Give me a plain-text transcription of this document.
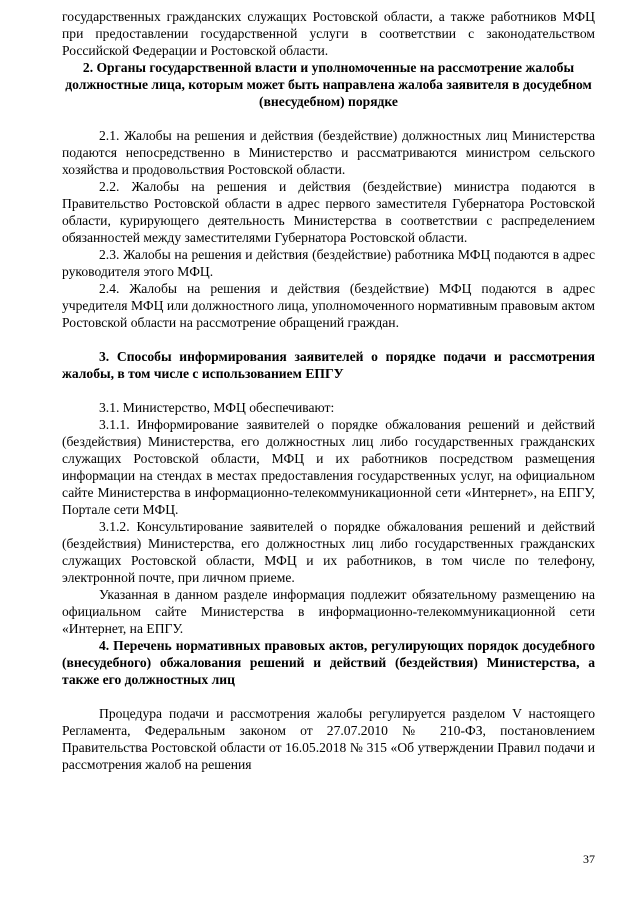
государственных гражданских служащих Ростовской области, а также работников МФЦ при предоставлении государственной услуги в соответствии с законодательством Российской Федерации и Ростовской области.

2. Органы государственной власти и уполномоченные на рассмотрение жалобы должностные лица, которым может быть направлена жалоба заявителя в досудебном (внесудебном) порядке

2.1. Жалобы на решения и действия (бездействие) должностных лиц Министерства подаются непосредственно в Министерство и рассматриваются министром сельского хозяйства и продовольствия Ростовской области.

2.2. Жалобы на решения и действия (бездействие) министра подаются в Правительство Ростовской области в адрес первого заместителя Губернатора Ростовской области, курирующего деятельность Министерства в соответствии с распределением обязанностей между заместителями Губернатора Ростовской области.

2.3. Жалобы на решения и действия (бездействие) работника МФЦ подаются в адрес руководителя этого МФЦ.

2.4. Жалобы на решения и действия (бездействие) МФЦ подаются в адрес учредителя МФЦ или должностного лица, уполномоченного нормативным правовым актом Ростовской области на рассмотрение обращений граждан.

3. Способы информирования заявителей о порядке подачи и рассмотрения жалобы, в том числе с использованием ЕПГУ

3.1. Министерство, МФЦ обеспечивают:

3.1.1. Информирование заявителей о порядке обжалования решений и действий (бездействия) Министерства, его должностных лиц либо государственных гражданских служащих Ростовской области, МФЦ и их работников посредством размещения информации на стендах в местах предоставления государственных услуг, на официальном сайте Министерства в информационно-телекоммуникационной сети «Интернет», на ЕПГУ, Портале сети МФЦ.

3.1.2. Консультирование заявителей о порядке обжалования решений и действий (бездействия) Министерства, его должностных лиц либо государственных гражданских служащих Ростовской области, МФЦ и их работников, в том числе по телефону, электронной почте, при личном приеме.

Указанная в данном разделе информация подлежит обязательному размещению на официальном сайте Министерства в информационно-телекоммуникационной сети «Интернет, на ЕПГУ.

4. Перечень нормативных правовых актов, регулирующих порядок досудебного (внесудебного) обжалования решений и действий (бездействия) Министерства, а также его должностных лиц

Процедура подачи и рассмотрения жалобы регулируется разделом V настоящего Регламента, Федеральным законом от 27.07.2010 № 210-ФЗ, постановлением Правительства Ростовской области от 16.05.2018 № 315 «Об утверждении Правил подачи и рассмотрения жалоб на решения

37
